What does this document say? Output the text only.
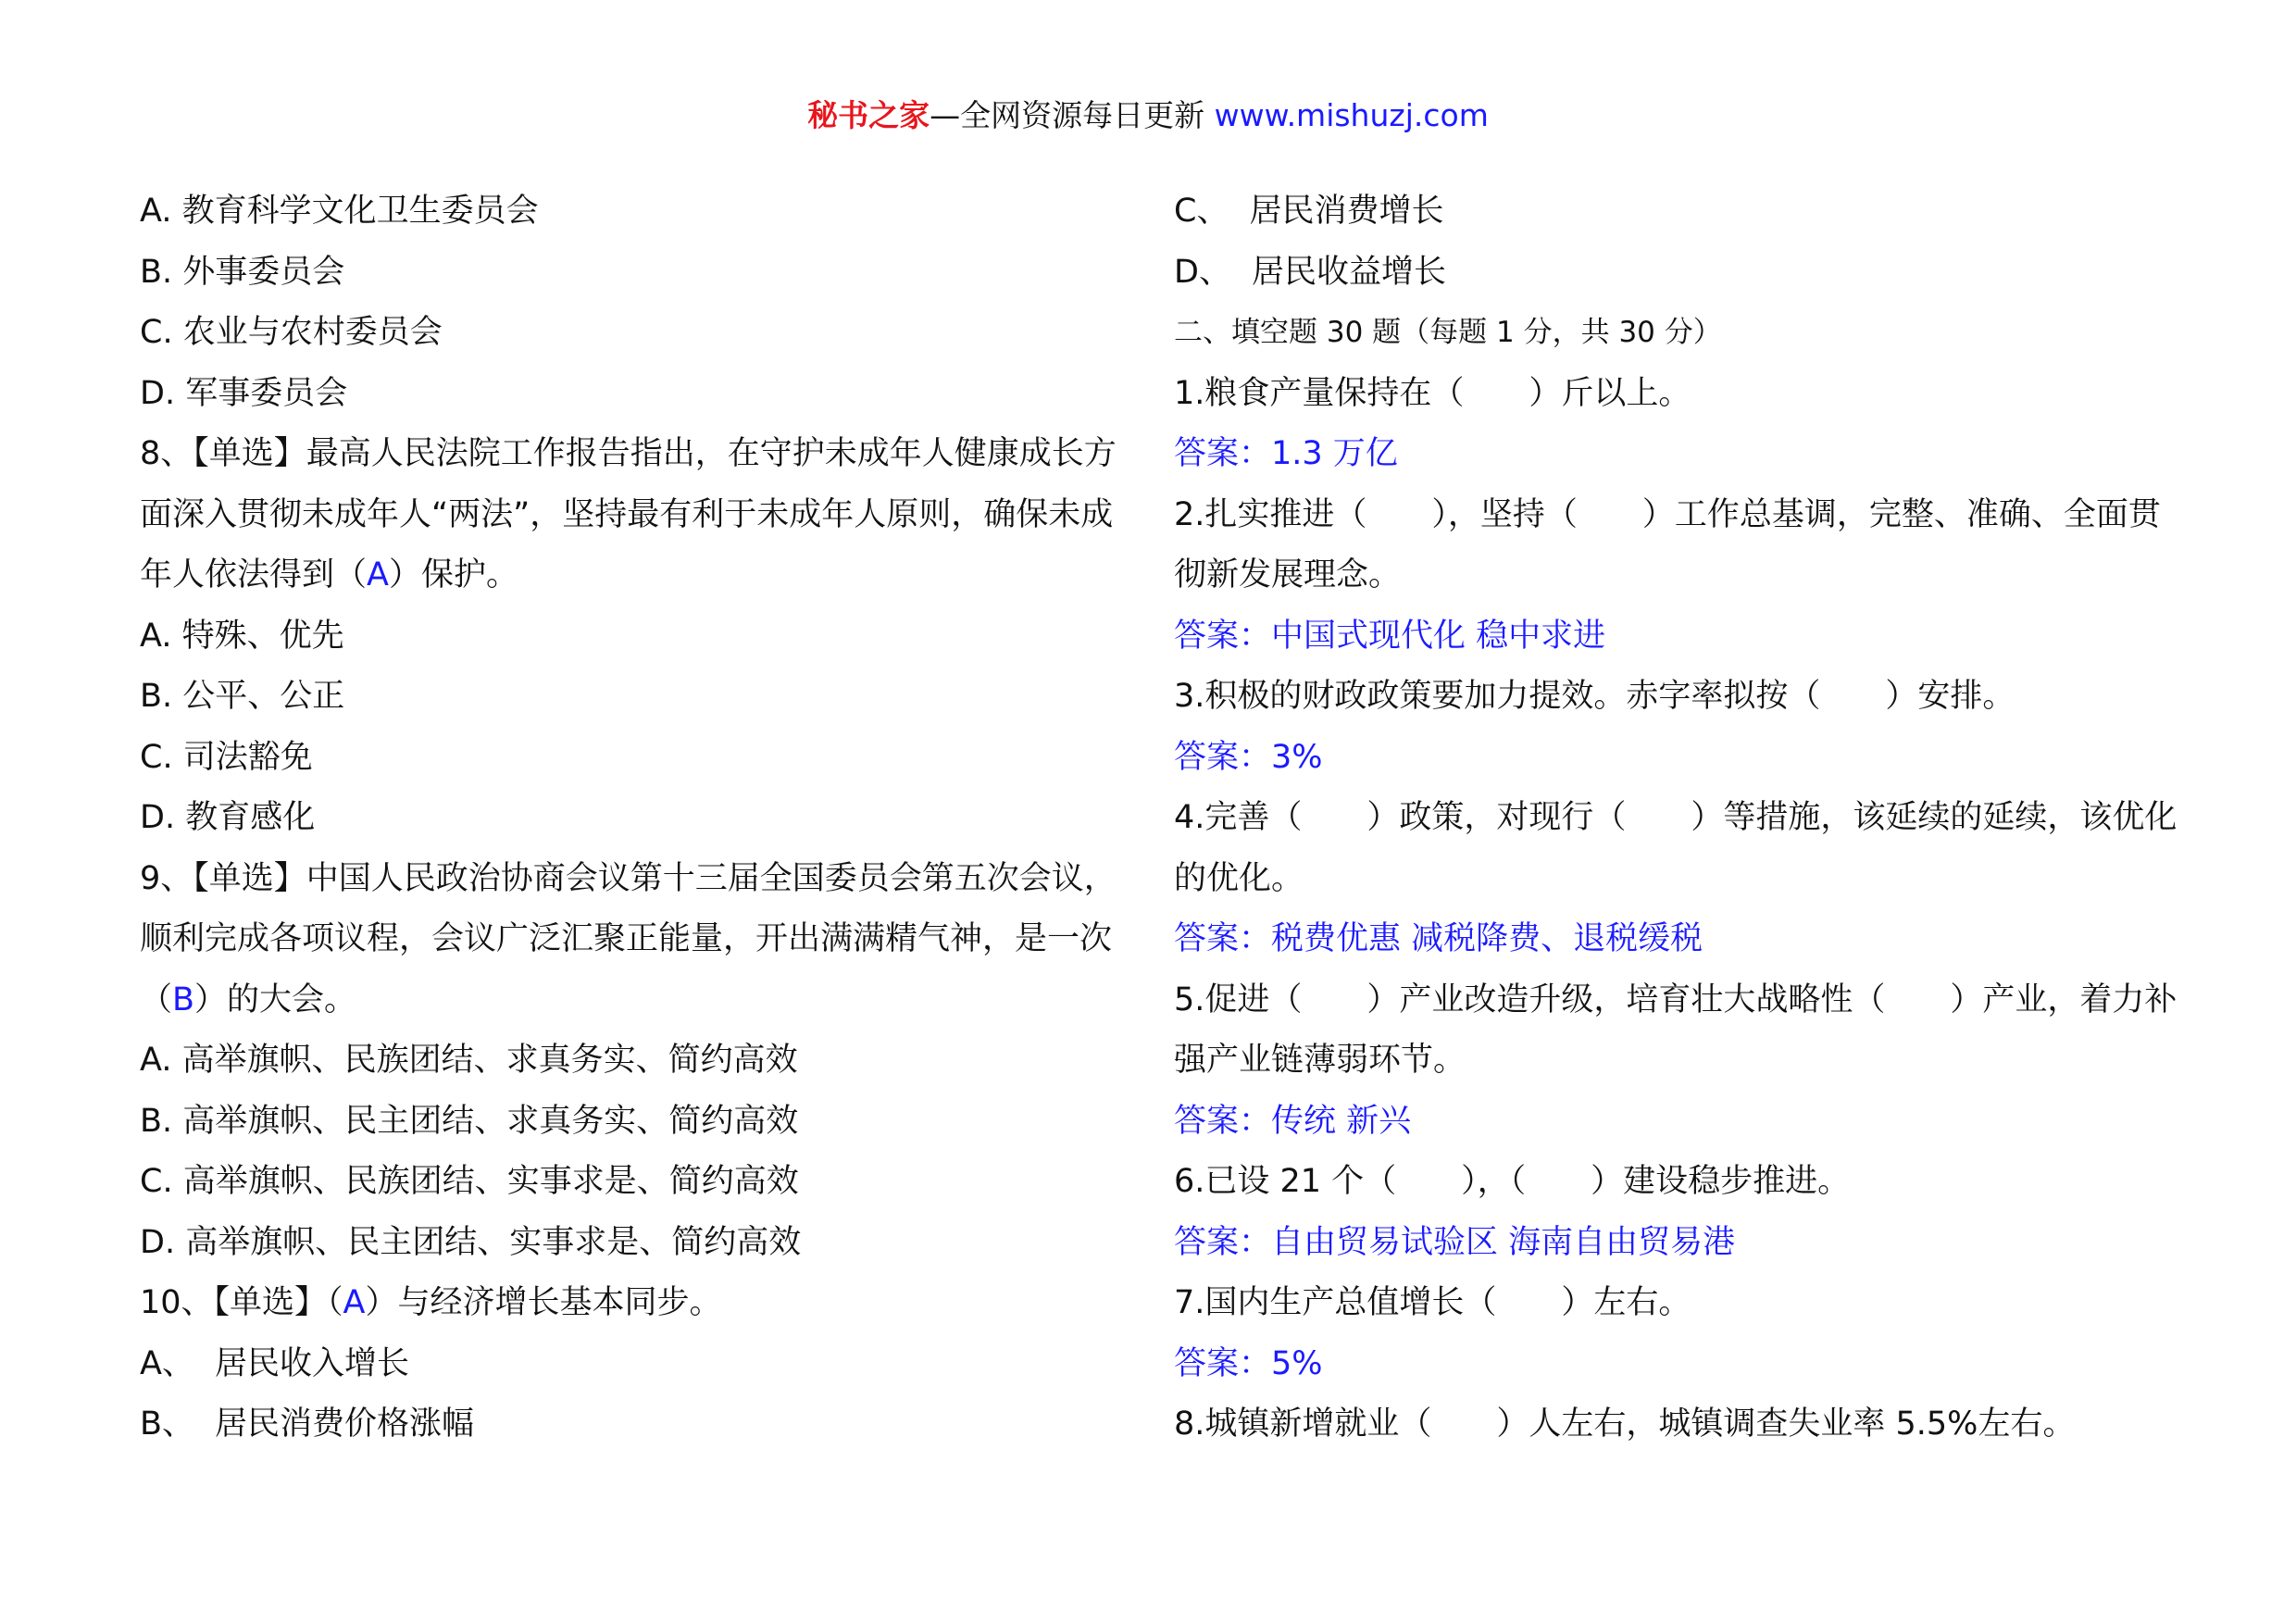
秘书之家—全网资源每日更新 www.mishuzj.com

A. 教育科学文化卫生委员会

B. 外事委员会

C. 农业与农村委员会

D. 军事委员会

8、【单选】最高人民法院工作报告指出，在守护未成年人健康成长方面深入贯彻未成年人“两法”，坚持最有利于未成年人原则，确保未成年人依法得到（A）保护。

A. 特殊、优先

B. 公平、公正

C. 司法豁免

D. 教育感化

9、【单选】中国人民政治协商会议第十三届全国委员会第五次会议，顺利完成各项议程，会议广泛汇聚正能量，开出满满精气神，是一次（B）的大会。

A. 高举旗帜、民族团结、求真务实、简约高效

B. 高举旗帜、民主团结、求真务实、简约高效

C. 高举旗帜、民族团结、实事求是、简约高效

D. 高举旗帜、民主团结、实事求是、简约高效

10、【单选】（A）与经济增长基本同步。

A、 居民收入增长

B、 居民消费价格涨幅

C、 居民消费增长

D、 居民收益增长

二、填空题 30 题（每题 1 分，共 30 分）

1.粮食产量保持在（　　）斤以上。

答案：1.3 万亿

2.扎实推进（　　），坚持（　　）工作总基调，完整、准确、全面贯彻新发展理念。

答案：中国式现代化 稳中求进

3.积极的财政政策要加力提效。赤字率拟按（　　）安排。

答案：3%

4.完善（　　）政策，对现行（　　）等措施，该延续的延续，该优化的优化。

答案：税费优惠 减税降费、退税缓税

5.促进（　　）产业改造升级，培育壮大战略性（　　）产业，着力补强产业链薄弱环节。

答案：传统 新兴

6.已设 21 个（　　），（　　）建设稳步推进。

答案：自由贸易试验区 海南自由贸易港

7.国内生产总值增长（　　）左右。

答案：5%

8.城镇新增就业（　　）人左右，城镇调查失业率 5.5%左右。
